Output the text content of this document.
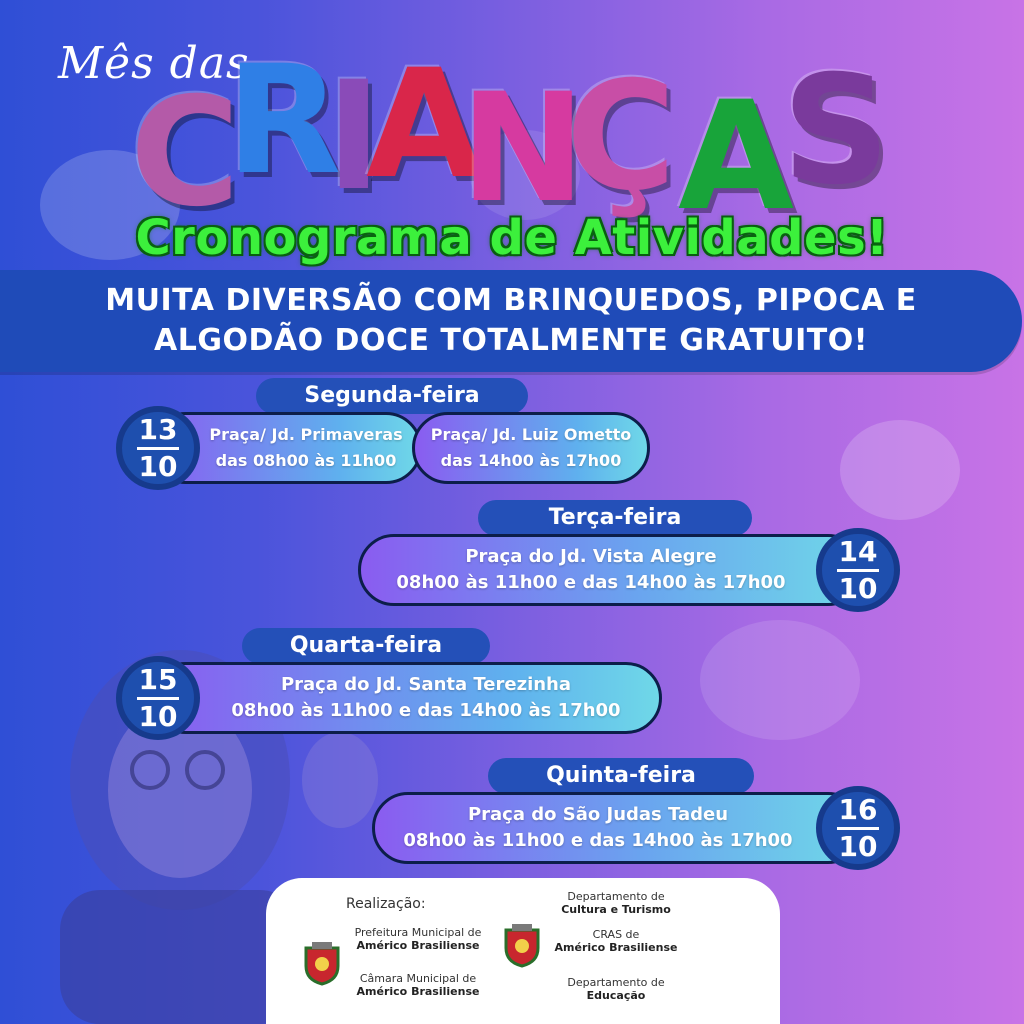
Mês das
C
R
I
A
N
Ç A
S
Cronograma de Atividades!
MUITA DIVERSÃO COM BRINQUEDOS, PIPOCA E
ALGODÃO DOCE TOTALMENTE GRATUITO!
Segunda-feira
Praça/ Jd. Primaveras
das 08h00 às 11h00
Praça/ Jd. Luiz Ometto
das 14h00 às 17h00
13
10
Terça-feira
Praça do Jd. Vista Alegre
08h00 às 11h00 e das 14h00 às 17h00
14
10
Quarta-feira
Praça do Jd. Santa Terezinha
08h00 às 11h00 e das 14h00 às 17h00
15
10
Quinta-feira
Praça do São Judas Tadeu
08h00 às 11h00 e das 14h00 às 17h00
16
10
Realização:
Prefeitura Municipal de
Américo Brasiliense
Câmara Municipal de
Américo Brasiliense
Departamento de
Cultura e Turismo
CRAS de
Américo Brasiliense
Departamento de
Educação
